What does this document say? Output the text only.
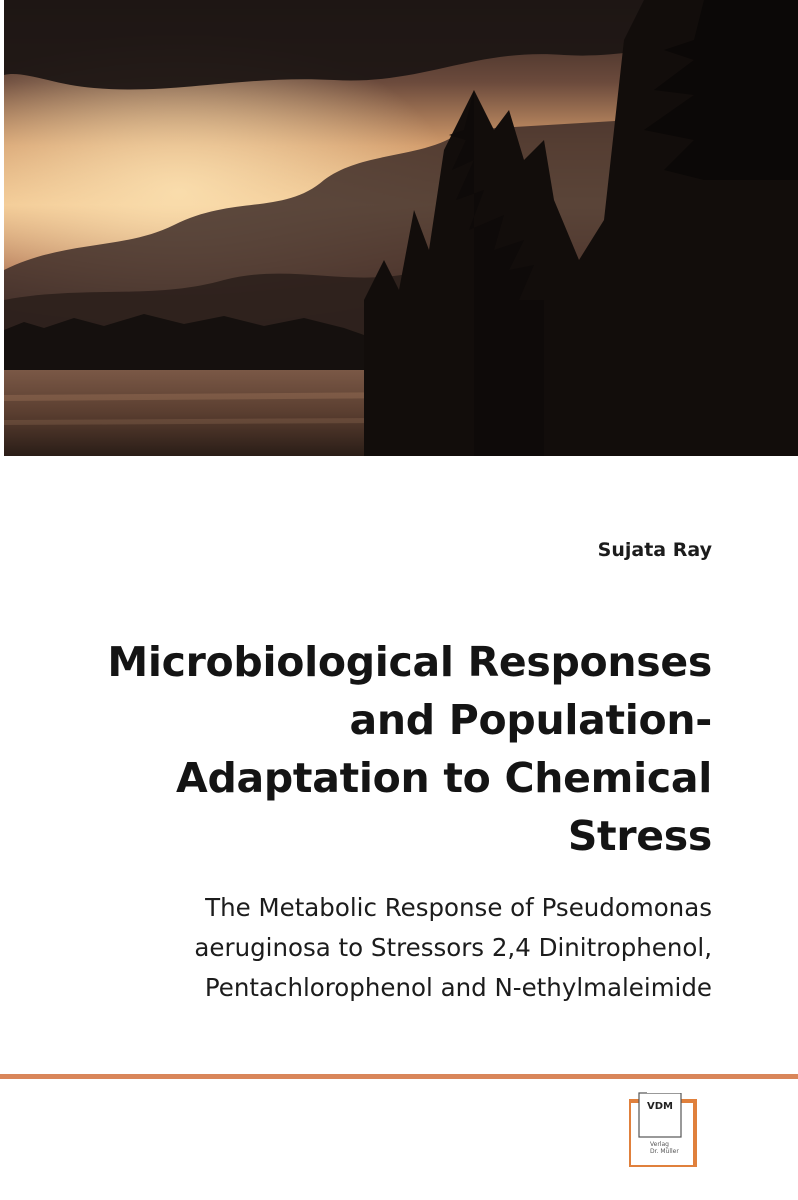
Sujata Ray
Microbiological Responses
and Population-
Adaptation to Chemical
Stress
The Metabolic Response of Pseudomonas
aeruginosa to Stressors 2,4 Dinitrophenol,
Pentachlorophenol and N-ethylmaleimide
VDM
Verlag
Dr. Müller
